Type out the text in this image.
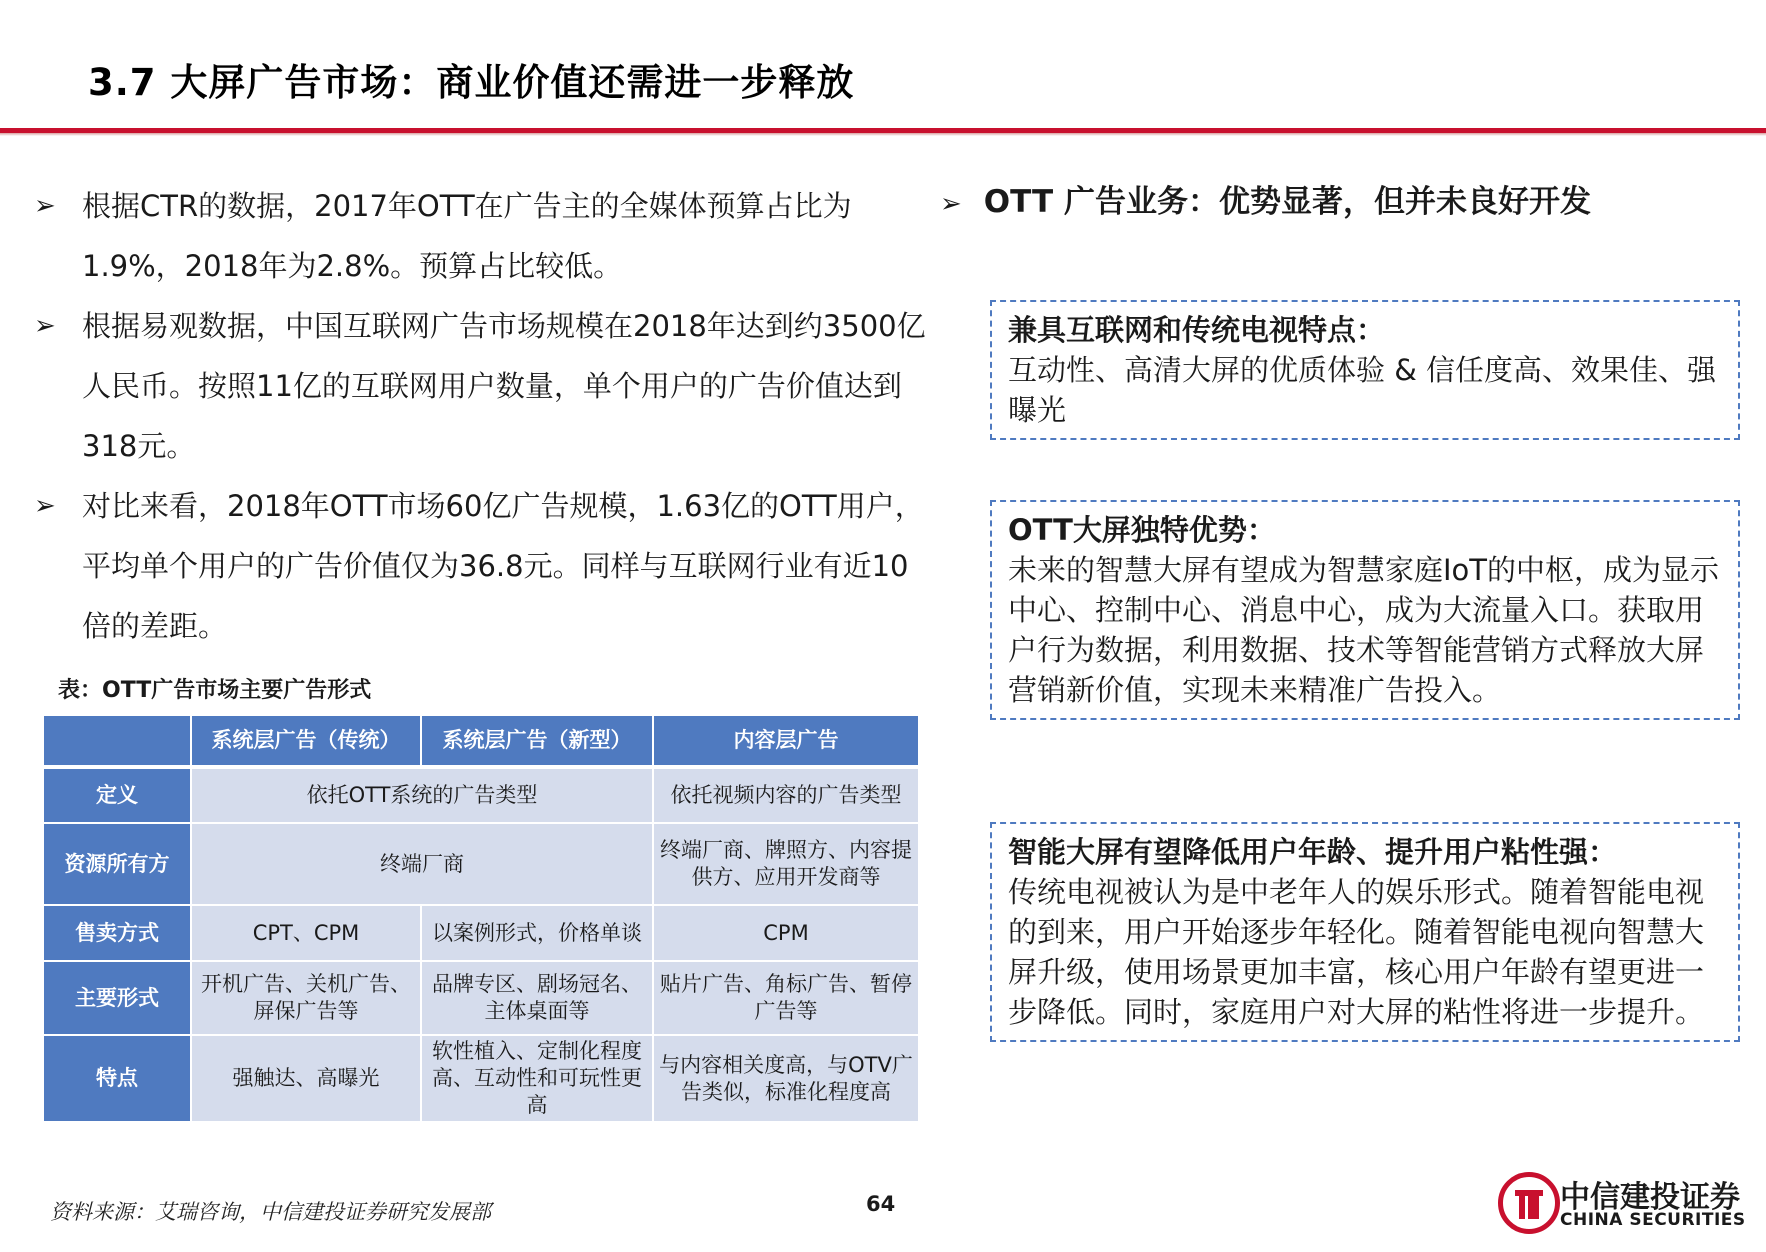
3.7 大屏广告市场：商业价值还需进一步释放
➢ 根据CTR的数据，2017年OTT在广告主的全媒体预算占比为1.9%，2018年为2.8%。预算占比较低。
➢ 根据易观数据，中国互联网广告市场规模在2018年达到约3500亿人民币。按照11亿的互联网用户数量，单个用户的广告价值达到318元。
➢ 对比来看，2018年OTT市场60亿广告规模，1.63亿的OTT用户，平均单个用户的广告价值仅为36.8元。同样与互联网行业有近10倍的差距。
表：OTT广告市场主要广告形式
	系统层广告（传统）	系统层广告（新型）	内容层广告
定义	依托OTT系统的广告类型		依托视频内容的广告类型
资源所有方	终端厂商		终端厂商、牌照方、内容提供方、应用开发商等
售卖方式	CPT、CPM	以案例形式，价格单谈	CPM
主要形式	开机广告、关机广告、屏保广告等	品牌专区、剧场冠名、主体桌面等	贴片广告、角标广告、暂停广告等
特点	强触达、高曝光	软性植入、定制化程度高、互动性和可玩性更高	与内容相关度高，与OTV广告类似，标准化程度高
➢ OTT 广告业务：优势显著，但并未良好开发
兼具互联网和传统电视特点：
互动性、高清大屏的优质体验 & 信任度高、效果佳、强曝光
OTT大屏独特优势：
未来的智慧大屏有望成为智慧家庭IoT的中枢，成为显示中心、控制中心、消息中心，成为大流量入口。获取用户行为数据，利用数据、技术等智能营销方式释放大屏营销新价值，实现未来精准广告投入。
智能大屏有望降低用户年龄、提升用户粘性强：
传统电视被认为是中老年人的娱乐形式。随着智能电视的到来，用户开始逐步年轻化。随着智能电视向智慧大屏升级，使用场景更加丰富，核心用户年龄有望更进一步降低。同时，家庭用户对大屏的粘性将进一步提升。
资料来源：艾瑞咨询，中信建投证券研究发展部	64	中信建投证券
CHINA SECURITIES
